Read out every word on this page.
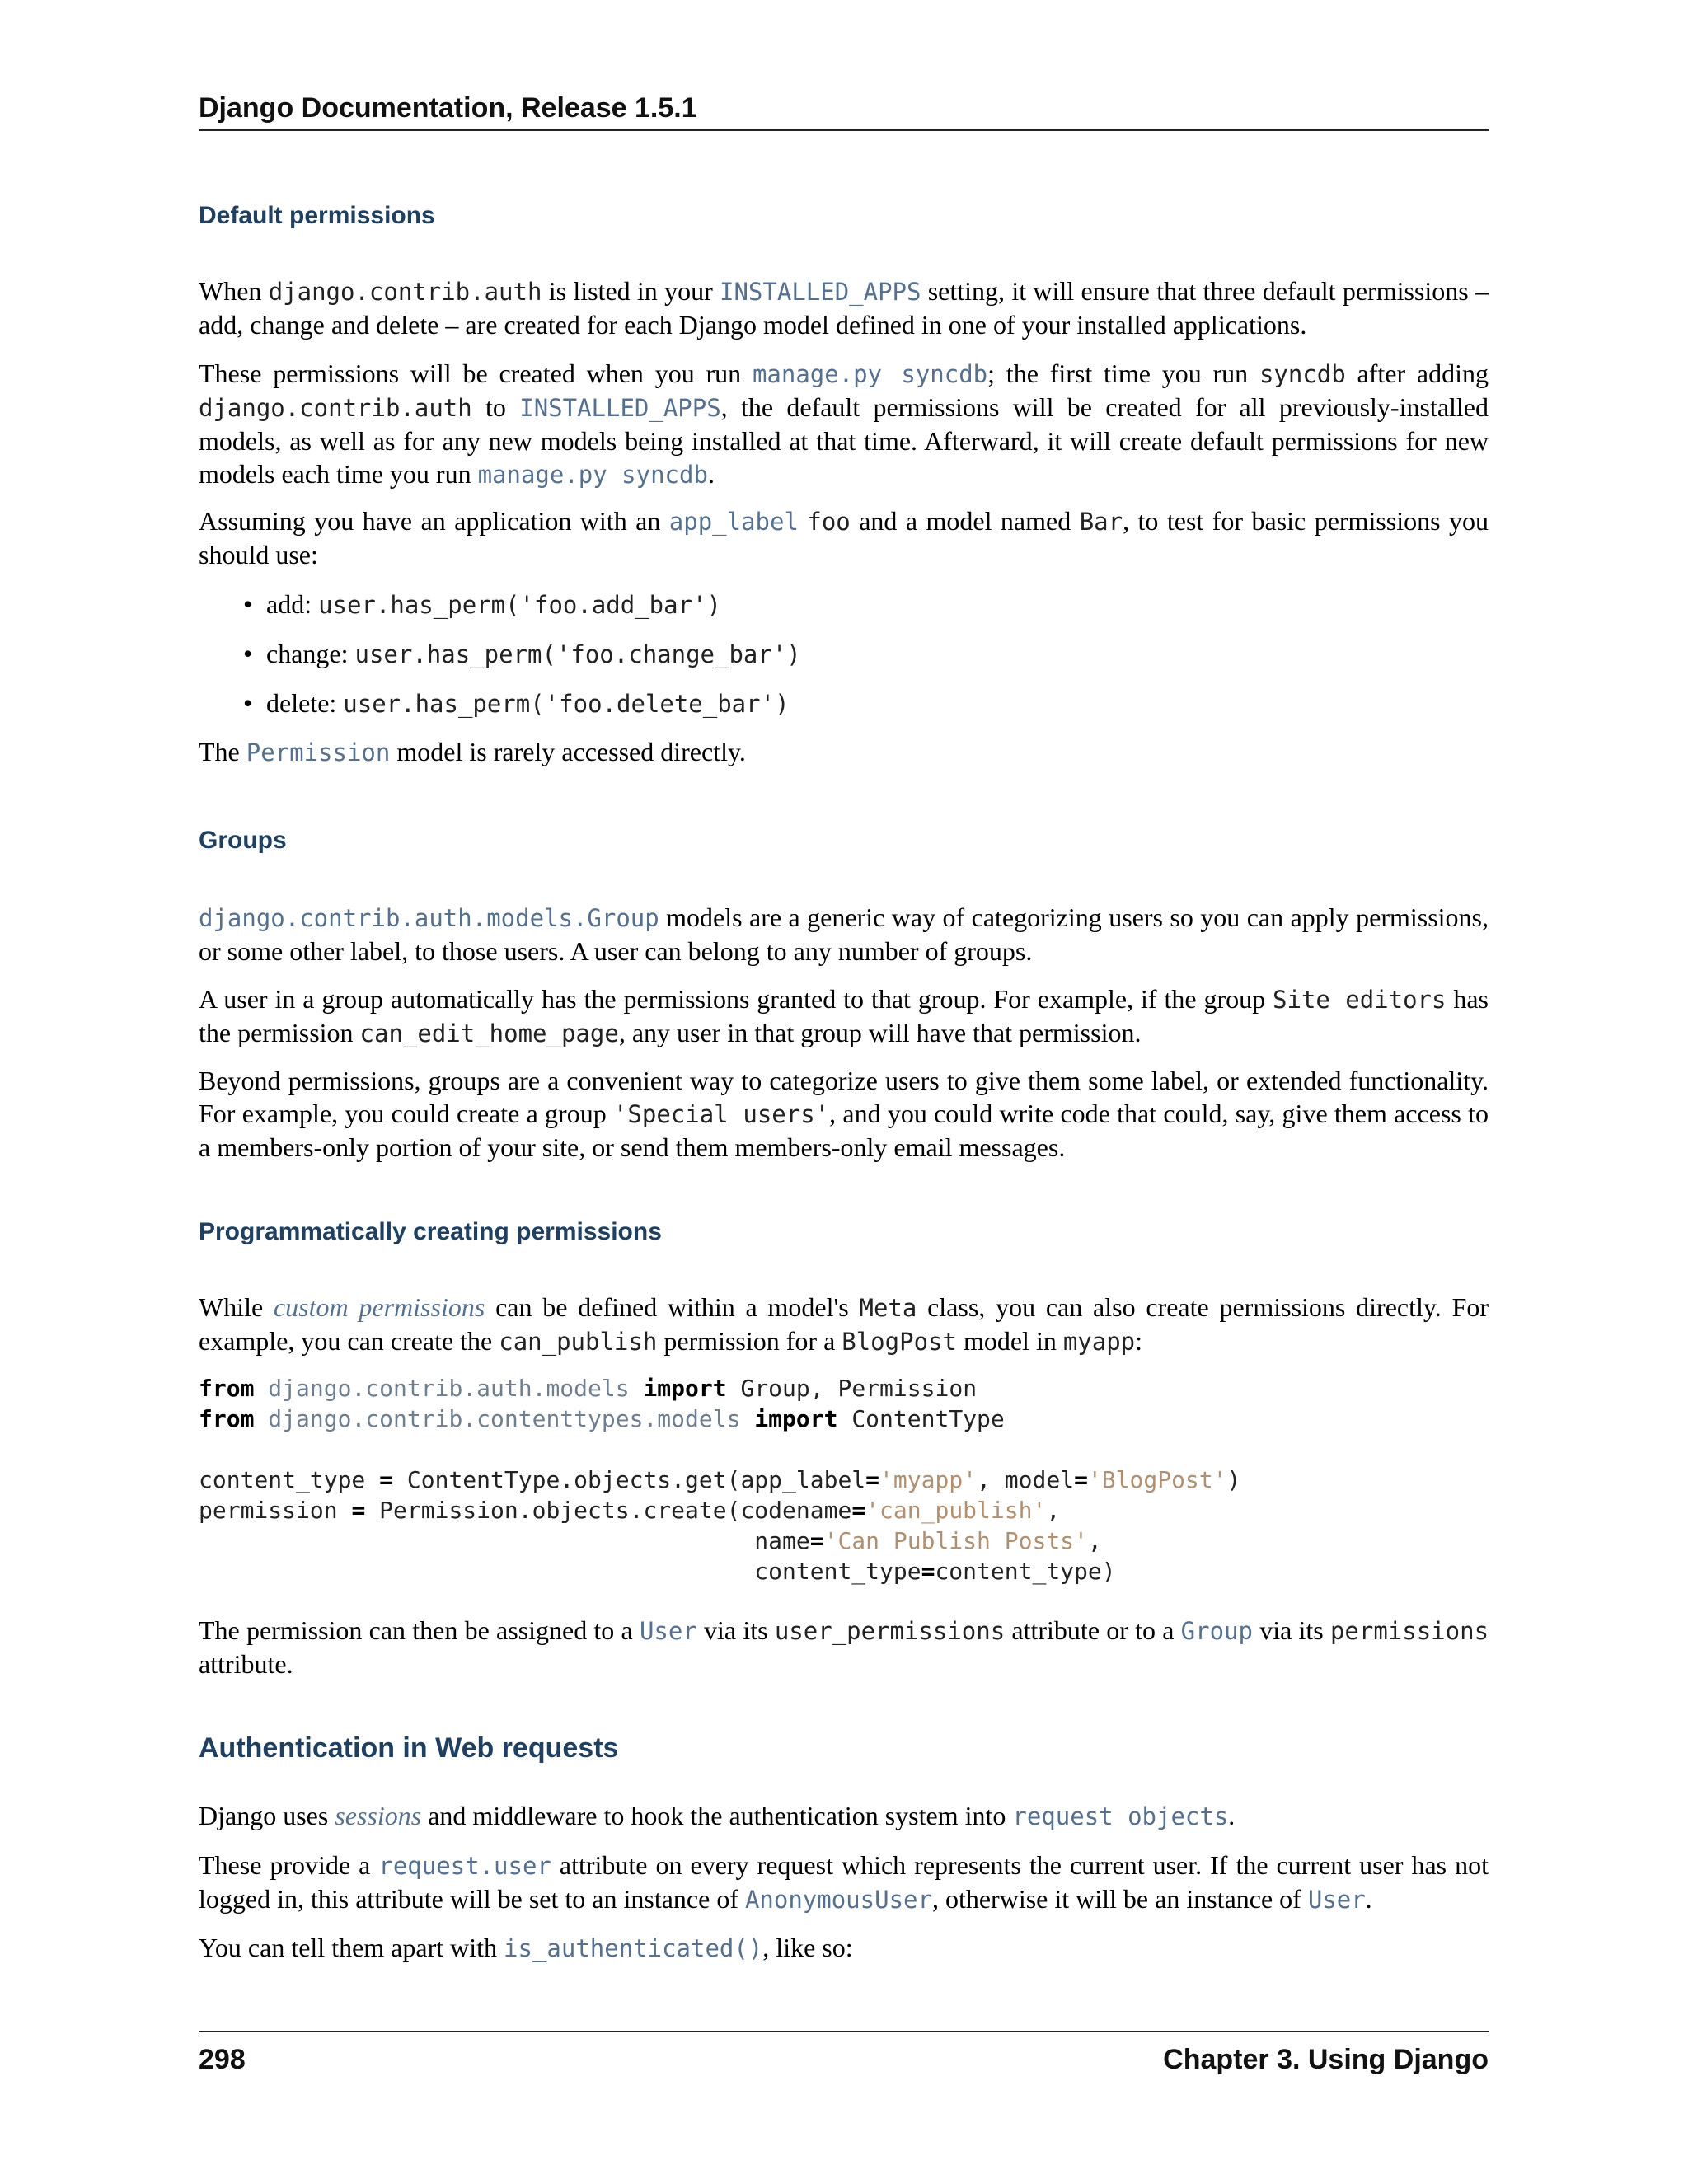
Django Documentation, Release 1.5.1
Default permissions

When django.contrib.auth is listed in your INSTALLED_APPS setting, it will ensure that three default permissions – add, change and delete – are created for each Django model defined in one of your installed applications.

These permissions will be created when you run manage.py syncdb; the first time you run syncdb after adding django.contrib.auth to INSTALLED_APPS, the default permissions will be created for all previously-installed models, as well as for any new models being installed at that time. Afterward, it will create default permissions for new models each time you run manage.py syncdb.

Assuming you have an application with an app_label foo and a model named Bar, to test for basic permissions you should use:

• add: user.has_perm('foo.add_bar')
• change: user.has_perm('foo.change_bar')
• delete: user.has_perm('foo.delete_bar')

The Permission model is rarely accessed directly.

Groups

django.contrib.auth.models.Group models are a generic way of categorizing users so you can apply permissions, or some other label, to those users. A user can belong to any number of groups.

A user in a group automatically has the permissions granted to that group. For example, if the group Site editors has the permission can_edit_home_page, any user in that group will have that permission.

Beyond permissions, groups are a convenient way to categorize users to give them some label, or extended functionality. For example, you could create a group 'Special users', and you could write code that could, say, give them access to a members-only portion of your site, or send them members-only email messages.

Programmatically creating permissions

While custom permissions can be defined within a model's Meta class, you can also create permissions directly. For example, you can create the can_publish permission for a BlogPost model in myapp:

from django.contrib.auth.models import Group, Permission
from django.contrib.contenttypes.models import ContentType

content_type = ContentType.objects.get(app_label='myapp', model='BlogPost')
permission = Permission.objects.create(codename='can_publish',
name='Can Publish Posts',
content_type=content_type)

The permission can then be assigned to a User via its user_permissions attribute or to a Group via its permissions attribute.

Authentication in Web requests

Django uses sessions and middleware to hook the authentication system into request objects.

These provide a request.user attribute on every request which represents the current user. If the current user has not logged in, this attribute will be set to an instance of AnonymousUser, otherwise it will be an instance of User.

You can tell them apart with is_authenticated(), like so:

298	Chapter 3. Using Django
